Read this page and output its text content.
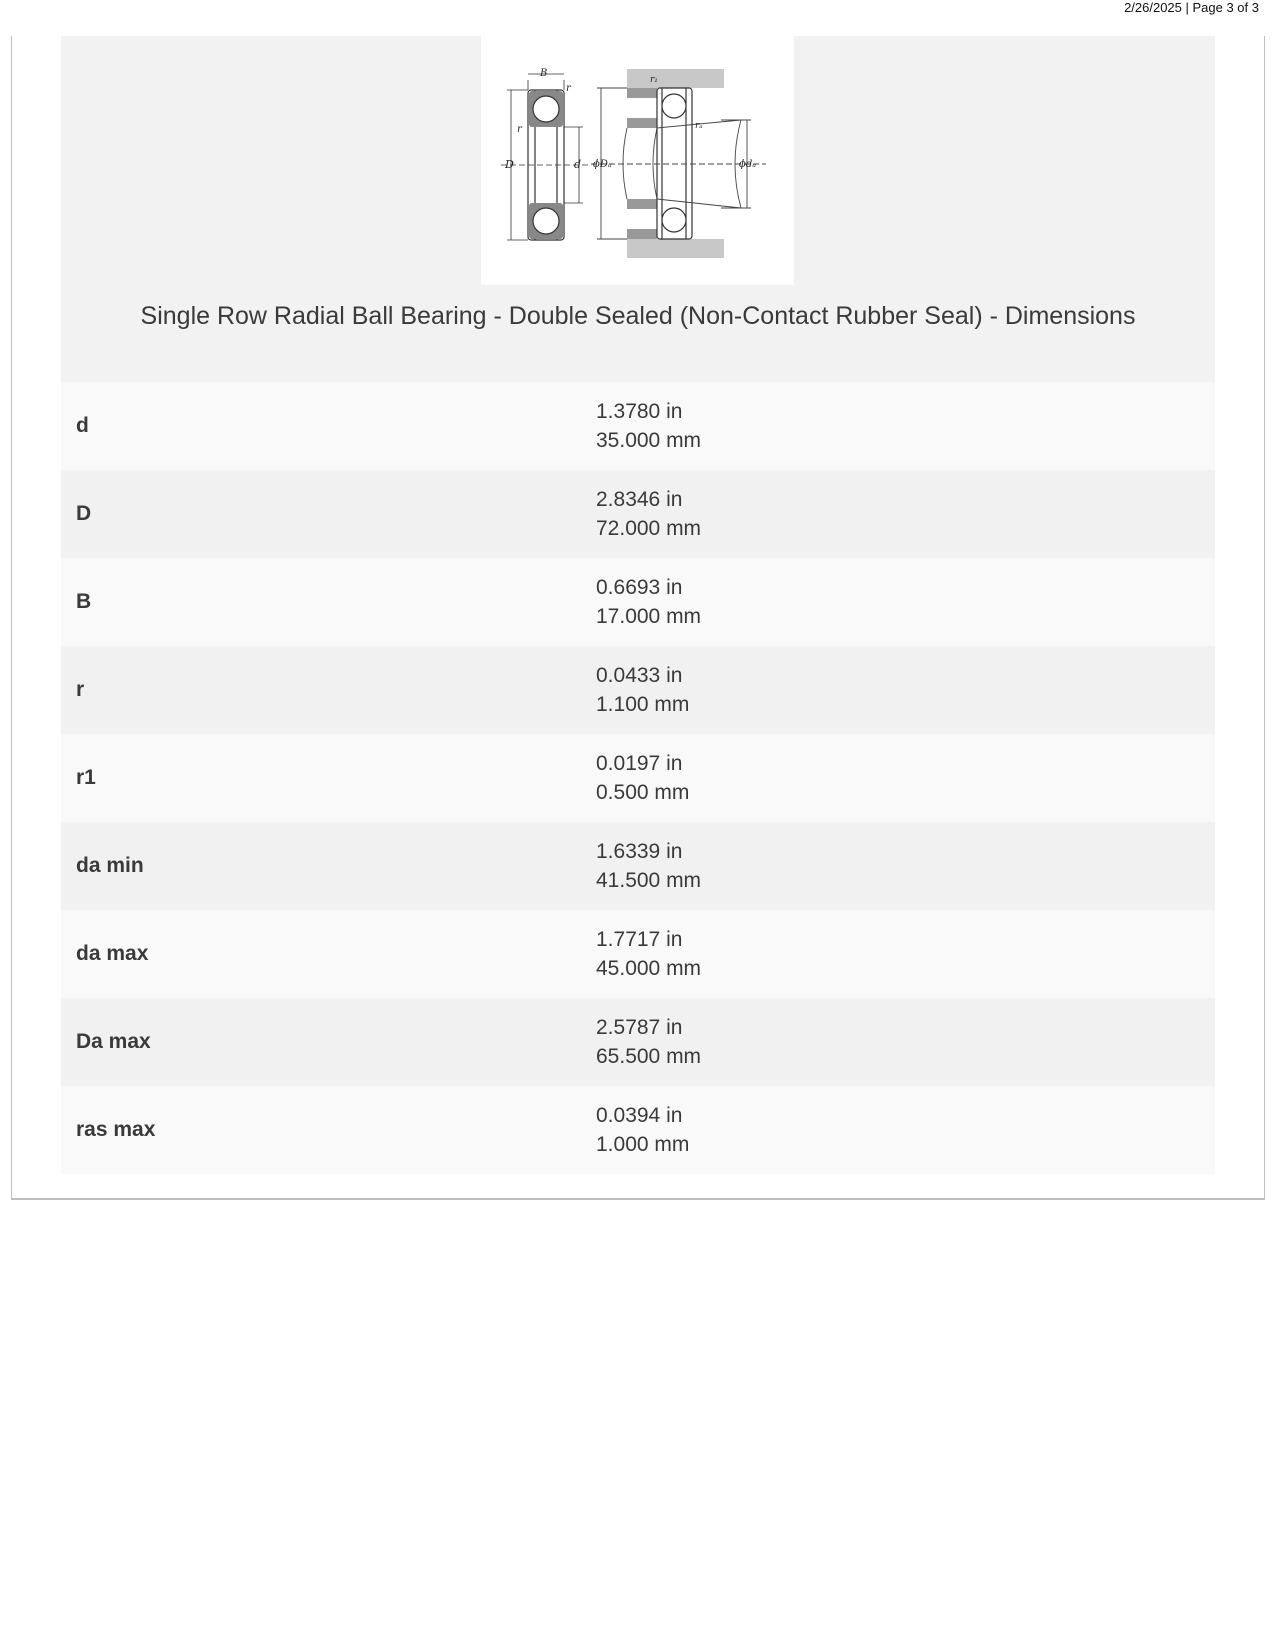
2/26/2025 | Page 3 of 3
B
r
r
D	d ϕDₐ	ϕdₐ
r₁
rₐ
Single Row Radial Ball Bearing - Double Sealed (Non-Contact Rubber Seal) - Dimensions
d
1.3780 in
35.000 mm
D
2.8346 in
72.000 mm
B
0.6693 in
17.000 mm
r
0.0433 in
1.100 mm
r1
0.0197 in
0.500 mm
da min
1.6339 in
41.500 mm
da max
1.7717 in
45.000 mm
Da max
2.5787 in
65.500 mm
ras max
0.0394 in
1.000 mm
